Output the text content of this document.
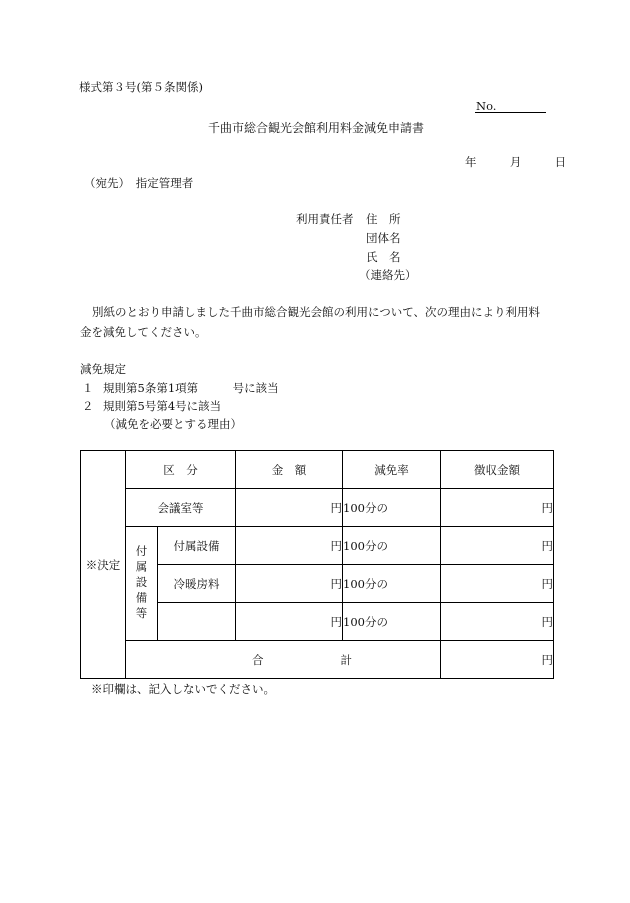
様式第３号(第５条関係)
No.
千曲市総合観光会館利用料金減免申請書
年	月	日
（宛先）　指定管理者
利用責任者 住　所
団体名
氏　名
（連絡先）
別紙のとおり申請しました千曲市総合観光会館の利用について、次の理由により利用料
金を減免してください。
減免規定
１ 規則第5条第1項第　　　号に該当
２ 規則第5号第4号に該当
（減免を必要とする理由）
※決定	区　分		金　額	減免率	徴収金額
	会議室等		円	100分の	円

	付属設備等	付属設備	円	100分の	円
		冷暖房料	円	100分の	円
			円	100分の	円

	合 計				円
※印欄は、記入しないでください。
